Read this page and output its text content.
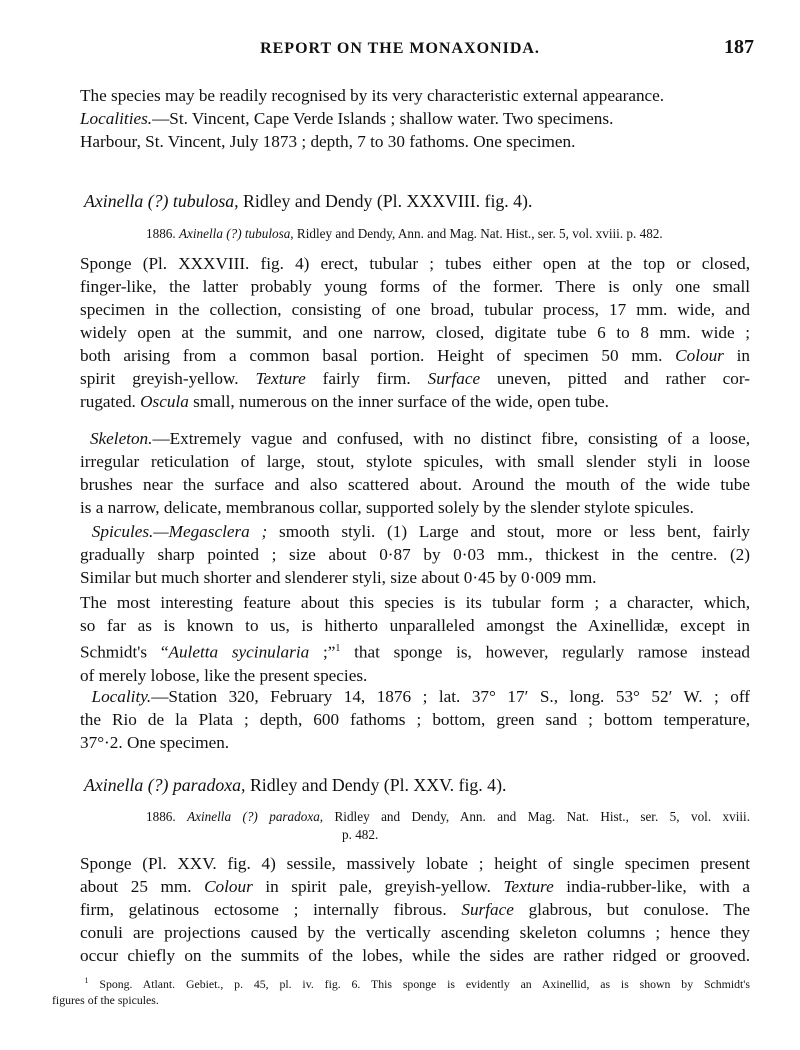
REPORT ON THE MONAXONIDA.	187
The species may be readily recognised by its very characteristic external appearance.
Localities.—St. Vincent, Cape Verde Islands ; shallow water. Two specimens.
Harbour, St. Vincent, July 1873 ; depth, 7 to 30 fathoms. One specimen.
Axinella (?) tubulosa, Ridley and Dendy (Pl. XXXVIII. fig. 4).
1886. Axinella (?) tubulosa, Ridley and Dendy, Ann. and Mag. Nat. Hist., ser. 5, vol. xviii. p. 482.
Sponge (Pl. XXXVIII. fig. 4) erect, tubular ; tubes either open at the top or closed,
finger-like, the latter probably young forms of the former. There is only one small
specimen in the collection, consisting of one broad, tubular process, 17 mm. wide, and
widely open at the summit, and one narrow, closed, digitate tube 6 to 8 mm. wide ;
both arising from a common basal portion. Height of specimen 50 mm. Colour in
spirit greyish-yellow. Texture fairly firm. Surface uneven, pitted and rather cor-
rugated. Oscula small, numerous on the inner surface of the wide, open tube.
Skeleton.—Extremely vague and confused, with no distinct fibre, consisting of a loose,
irregular reticulation of large, stout, stylote spicules, with small slender styli in loose
brushes near the surface and also scattered about. Around the mouth of the wide tube
is a narrow, delicate, membranous collar, supported solely by the slender stylote spicules.
Spicules.—Megasclera ; smooth styli. (1) Large and stout, more or less bent, fairly
gradually sharp pointed ; size about 0·87 by 0·03 mm., thickest in the centre. (2)
Similar but much shorter and slenderer styli, size about 0·45 by 0·009 mm.
The most interesting feature about this species is its tubular form ; a character, which,
so far as is known to us, is hitherto unparalleled amongst the Axinellidæ, except in
Schmidt's “Auletta sycinularia ;”$^1$ that sponge is, however, regularly ramose instead
of merely lobose, like the present species.
Locality.—Station 320, February 14, 1876 ; lat. 37° 17′ S., long. 53° 52′ W. ; off
the Rio de la Plata ; depth, 600 fathoms ; bottom, green sand ; bottom temperature,
37°·2. One specimen.
Axinella (?) paradoxa, Ridley and Dendy (Pl. XXV. fig. 4).
1886. Axinella (?) paradoxa, Ridley and Dendy, Ann. and Mag. Nat. Hist., ser. 5, vol. xviii.
p. 482.
Sponge (Pl. XXV. fig. 4) sessile, massively lobate ; height of single specimen present
about 25 mm. Colour in spirit pale, greyish-yellow. Texture india-rubber-like, with a
firm, gelatinous ectosome ; internally fibrous. Surface glabrous, but conulose. The
conuli are projections caused by the vertically ascending skeleton columns ; hence they
occur chiefly on the summits of the lobes, while the sides are rather ridged or grooved.
$^1$ Spong. Atlant. Gebiet., p. 45, pl. iv. fig. 6. This sponge is evidently an Axinellid, as is shown by Schmidt's
figures of the spicules.
